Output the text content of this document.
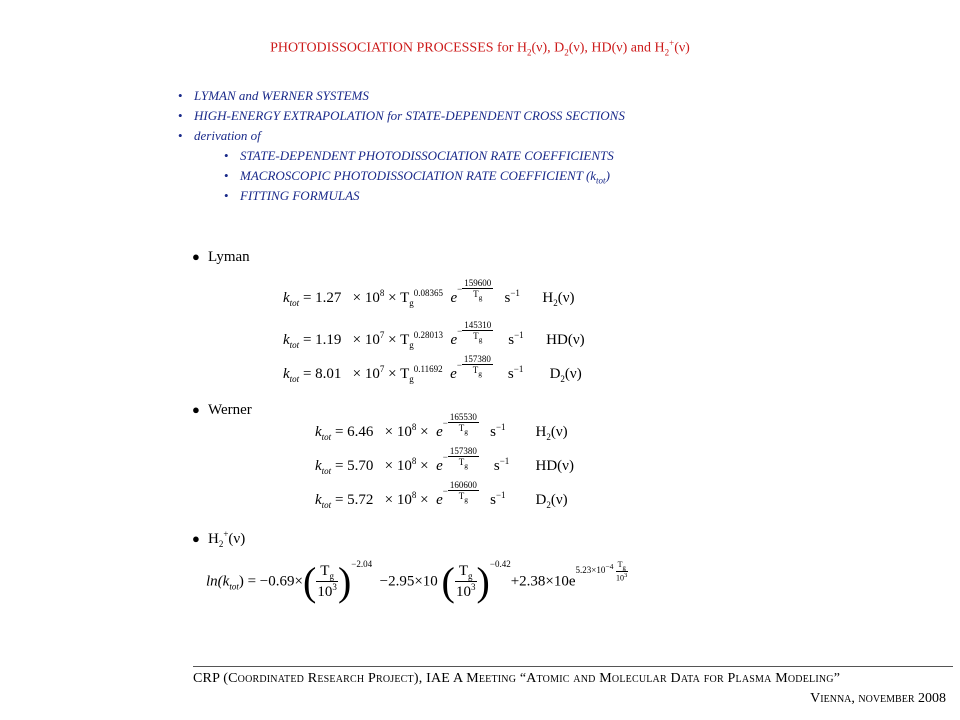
PHOTODISSOCIATION PROCESSES for $H_2(\nu)$, $D_2(\nu)$, HD(ν) and $H_2^+(\nu)$
• LYMAN and WERNER SYSTEMS
• HIGH-ENERGY EXTRAPOLATION for STATE-DEPENDENT CROSS SECTIONS
• derivation of
• STATE-DEPENDENT PHOTODISSOCIATION RATE COEFFICIENTS
• MACROSCOPIC PHOTODISSOCIATION RATE COEFFICIENT $(k_{tot})$
• FITTING FORMULAS
● Lyman
$k_{tot} = 1.27 \times 10^8 \times T_g^{0.08365}$ $e- \frac{159600}{T_g} s^{-1}$ $H_2(\nu)$
$k_{tot} = 1.19 \times 10^7 \times T_g^{0.28013}$ $e- \frac{145310}{T_g} s^{-1}$ HD(ν)
$k_{tot} = 8.01 \times 10^7 \times T_g^{0.11692}$ $e- \frac{157380}{T_g} s^{-1}$ $D_2(\nu)$
● Werner
$k_{tot} = 6.46 \times 10^8 \times e- \frac{165530}{T_g} s^{-1}$ $H_2(\nu)$
$k_{tot} = 5.70 \times 10^8 \times e- \frac{157380}{T_g} s^{-1}$ HD(ν)
$k_{tot} = 5.72 \times 10^8 \times e- \frac{160600}{T_g} s^{-1}$ $D_2(\nu)$
● $H_2^+(\nu)$
$\ln(k_{tot}) = -0.69\times( \frac{T_g}{10^3})^{-2.04} -2.95\times 10$ ( $\frac{T_g}{10^3})^{-0.42}+2.38\times 10e^{5.23\times 10^{-4} \frac{T_g}{10^3}}$
CRP (Coordinated Research Project), IAE A Meeting “Atomic and Molecular Data for Plasma Modeling”
Vienna, november 2008
